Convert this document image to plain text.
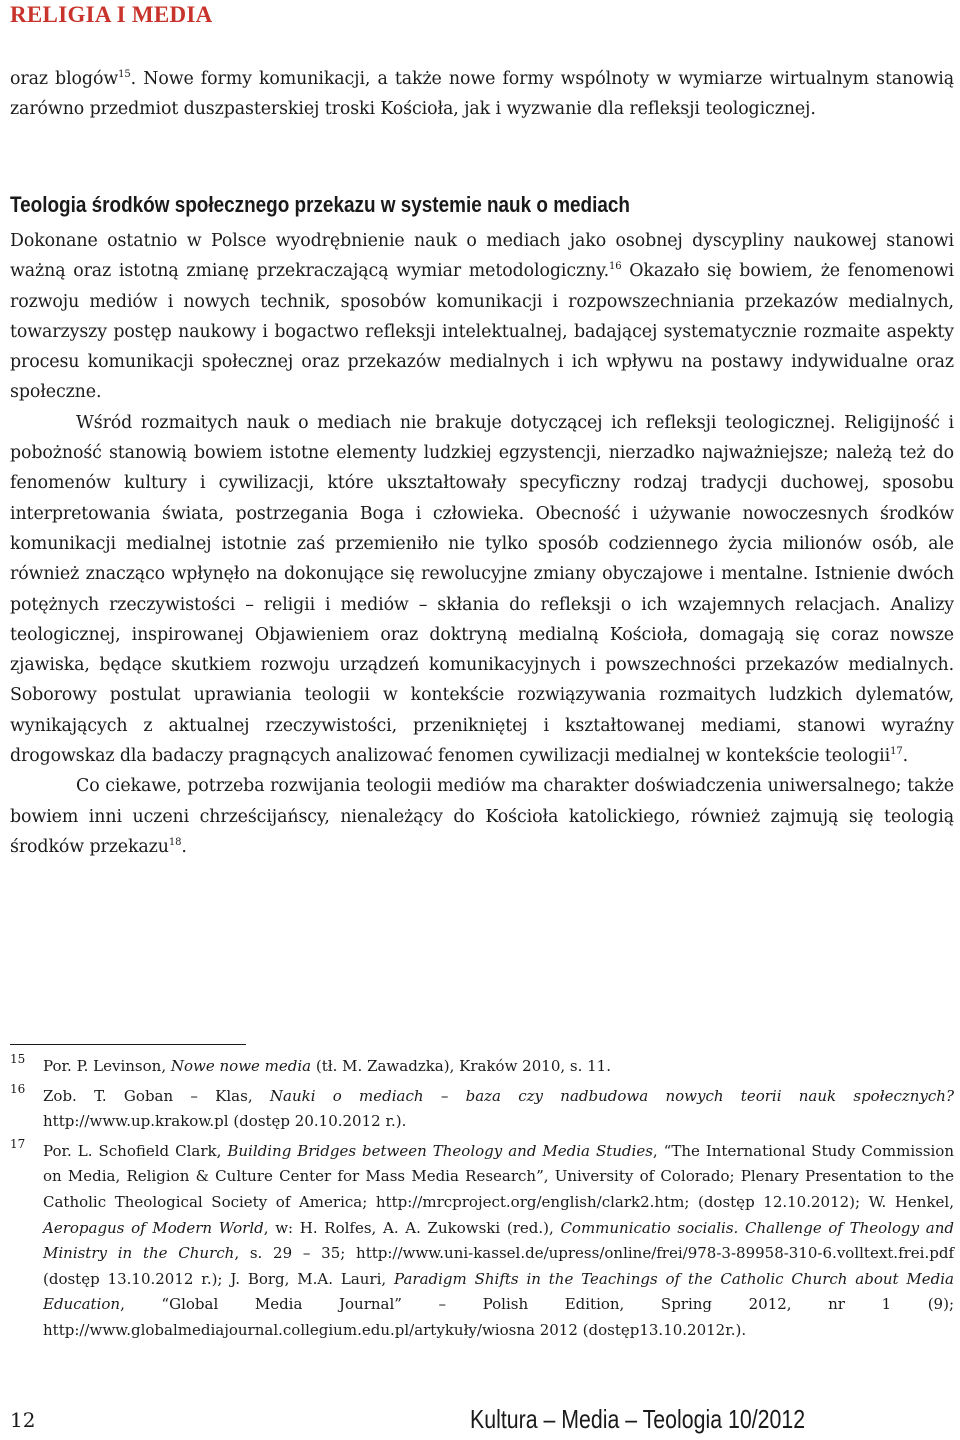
RELIGIA I MEDIA

oraz blogów$^{15}$. Nowe formy komunikacji, a także nowe formy wspólnoty w wymiarze wirtualnym stanowią zarówno przedmiot duszpasterskiej troski Kościoła, jak i wyzwanie dla refleksji teologicznej.

Teologia środków społecznego przekazu w systemie nauk o mediach

Dokonane ostatnio w Polsce wyodrębnienie nauk o mediach jako osobnej dyscypliny naukowej stanowi ważną oraz istotną zmianę przekraczającą wymiar metodologiczny.$^{16}$ Okazało się bowiem, że fenomenowi rozwoju mediów i nowych technik, sposobów komunikacji i rozpowszechniania przekazów medialnych, towarzyszy postęp naukowy i bogactwo refleksji intelektualnej, badającej systematycznie rozmaite aspekty procesu komunikacji społecznej oraz przekazów medialnych i ich wpływu na postawy indywidualne oraz społeczne.

Wśród rozmaitych nauk o mediach nie brakuje dotyczącej ich refleksji teologicznej. Religijność i pobożność stanowią bowiem istotne elementy ludzkiej egzystencji, nierzadko najważniejsze; należą też do fenomenów kultury i cywilizacji, które ukształtowały specyficzny rodzaj tradycji duchowej, sposobu interpretowania świata, postrzegania Boga i człowieka. Obecność i używanie nowoczesnych środków komunikacji medialnej istotnie zaś przemieniło nie tylko sposób codziennego życia milionów osób, ale również znacząco wpłynęło na dokonujące się rewolucyjne zmiany obyczajowe i mentalne. Istnienie dwóch potężnych rzeczywistości – religii i mediów – skłania do refleksji o ich wzajemnych relacjach. Analizy teologicznej, inspirowanej Objawieniem oraz doktryną medialną Kościoła, domagają się coraz nowsze zjawiska, będące skutkiem rozwoju urządzeń komunikacyjnych i powszechności przekazów medialnych. Soborowy postulat uprawiania teologii w kontekście rozwiązywania rozmaitych ludzkich dylematów, wynikających z aktualnej rzeczywistości, przenikniętej i kształtowanej mediami, stanowi wyraźny drogowskaz dla badaczy pragnących analizować fenomen cywilizacji medialnej w kontekście teologii$^{17}$.

Co ciekawe, potrzeba rozwijania teologii mediów ma charakter doświadczenia uniwersalnego; także bowiem inni uczeni chrześcijańscy, nienależący do Kościoła katolickiego, również zajmują się teologią środków przekazu$^{18}$.

15 Por. P. Levinson, Nowe nowe media (tł. M. Zawadzka), Kraków 2010, s. 11.
16 Zob. T. Goban – Klas, Nauki o mediach – baza czy nadbudowa nowych teorii nauk społecznych? http://www.up.krakow.pl (dostęp 20.10.2012 r.).
17 Por. L. Schofield Clark, Building Bridges between Theology and Media Studies, “The International Study Commission on Media, Religion & Culture Center for Mass Media Research”, University of Colorado; Plenary Presentation to the Catholic Theological Society of America; http://mrcproject.org/english/clark2.htm; (dostęp 12.10.2012); W. Henkel, Aeropagus of Modern World, w: H. Rolfes, A. A. Zukowski (red.), Communicatio socialis. Challenge of Theology and Ministry in the Church, s. 29 – 35; http://www.uni-kassel.de/upress/online/frei/978-3-89958-310-6.volltext.frei.pdf (dostęp 13.10.2012 r.); J. Borg, M.A. Lauri, Paradigm Shifts in the Teachings of the Catholic Church about Media Education, “Global Media Journal” – Polish Edition, Spring 2012, nr 1 (9); http://www.globalmediajournal.collegium.edu.pl/artykuły/wiosna 2012 (dostęp13.10.2012r.).
12	Kultura – Media – Teologia 10/2012
